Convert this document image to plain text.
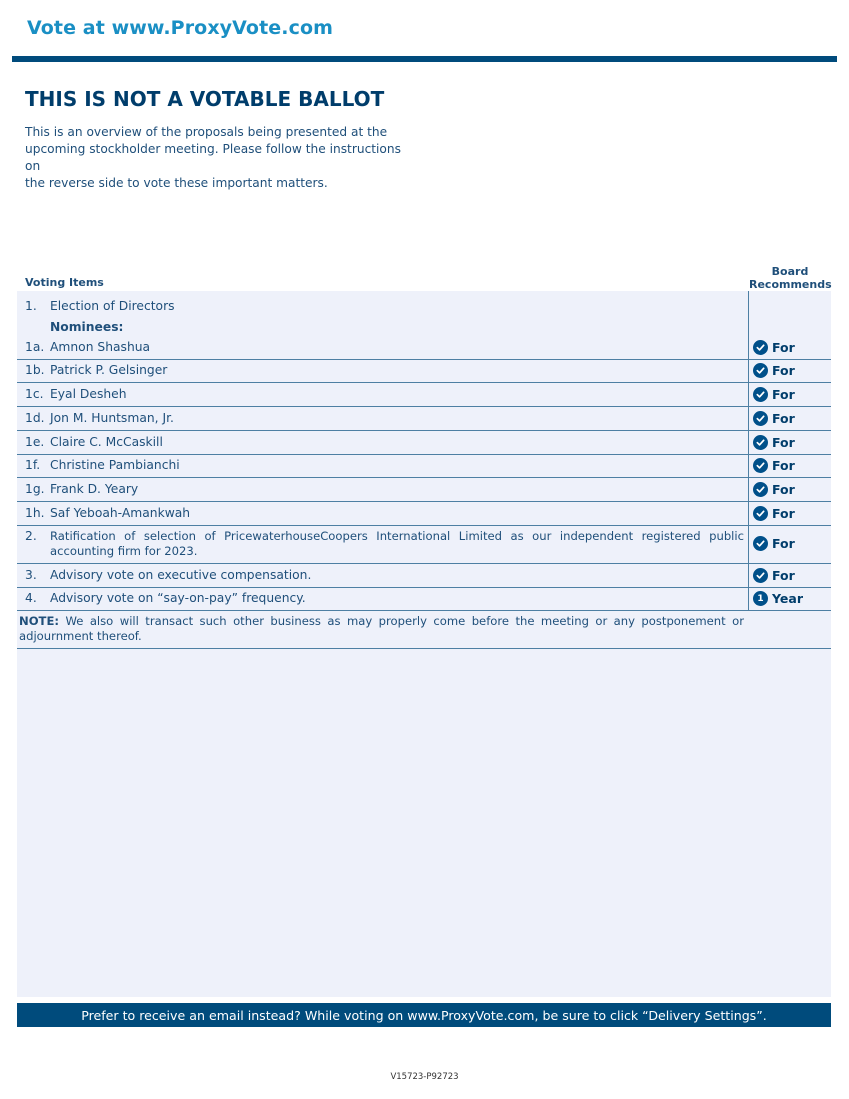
Vote at www.ProxyVote.com
THIS IS NOT A VOTABLE BALLOT
This is an overview of the proposals being presented at the
upcoming stockholder meeting. Please follow the instructions on
the reverse side to vote these important matters.
Voting Items
Board
Recommends
1. Election of Directors
Nominees:
1a. Amnon Shashua	For
1b. Patrick P. Gelsinger	For
1c. Eyal Desheh	For
1d. Jon M. Huntsman, Jr.	For
1e. Claire C. McCaskill	For
1f. Christine Pambianchi	For
1g. Frank D. Yeary	For
1h. Saf Yeboah-Amankwah	For
2. Ratification of selection of PricewaterhouseCoopers International Limited as our independent registered public
accounting firm for 2023.	For
3. Advisory vote on executive compensation.	For
4. Advisory vote on “say-on-pay” frequency.	1 Year
NOTE: We also will transact such other business as may properly come before the meeting or any postponement or
adjournment thereof.
Prefer to receive an email instead? While voting on www.ProxyVote.com, be sure to click “Delivery Settings”.
V15723-P92723
